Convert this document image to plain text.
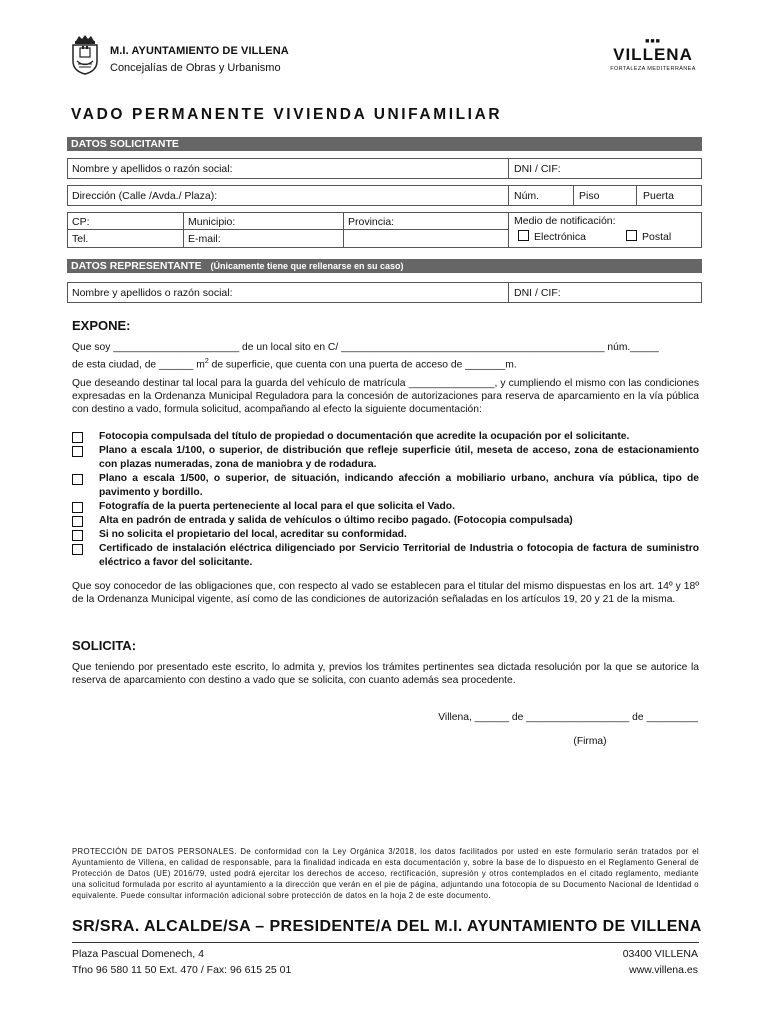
M.I. AYUNTAMIENTO DE VILLENA
Concejalías de Obras y Urbanismo
■■■
VILLENA
FORTALEZA MEDITERRÁNEA
VADO PERMANENTE VIVIENDA UNIFAMILIAR
DATOS SOLICITANTE
Nombre y apellidos o razón social:	DNI / CIF:
Dirección (Calle /Avda./ Plaza):	Núm.	Piso	Puerta
CP:	Municipio:	Provincia:
Tel.	E-mail:
Medio de notificación:
Electrónica	Postal
DATOS REPRESENTANTE (Únicamente tiene que rellenarse en su caso)
Nombre y apellidos o razón social:	DNI / CIF:
EXPONE:
Que soy ______________________ de un local sito en C/ ______________________________________________ núm._____
de esta ciudad, de ______ $m^2$ de superficie, que cuenta con una puerta de acceso de _______m.
Que deseando destinar tal local para la guarda del vehículo de matrícula _______________, y cumpliendo el mismo con las condiciones expresadas en la Ordenanza Municipal Reguladora para la concesión de autorizaciones para reserva de aparcamiento en la vía pública con destino a vado, formula solicitud, acompañando al efecto la siguiente documentación:
Fotocopia compulsada del título de propiedad o documentación que acredite la ocupación por el solicitante.
Plano a escala 1/100, o superior, de distribución que refleje superficie útil, meseta de acceso, zona de estacionamiento con plazas numeradas, zona de maniobra y de rodadura.
Plano a escala 1/500, o superior, de situación, indicando afección a mobiliario urbano, anchura vía pública, tipo de pavimento y bordillo.
Fotografía de la puerta perteneciente al local para el que solicita el Vado.
Alta en padrón de entrada y salida de vehículos o último recibo pagado. (Fotocopia compulsada)
Si no solicita el propietario del local, acreditar su conformidad.
Certificado de instalación eléctrica diligenciado por Servicio Territorial de Industria o fotocopia de factura de suministro eléctrico a favor del solicitante.
Que soy conocedor de las obligaciones que, con respecto al vado se establecen para el titular del mismo dispuestas en los art. 14º y 18º de la Ordenanza Municipal vigente, así como de las condiciones de autorización señaladas en los artículos 19, 20 y 21 de la misma.
SOLICITA:
Que teniendo por presentado este escrito, lo admita y, previos los trámites pertinentes sea dictada resolución por la que se autorice la reserva de aparcamiento con destino a vado que se solicita, con cuanto además sea procedente.
Villena, ______ de __________________ de _________
(Firma)
PROTECCIÓN DE DATOS PERSONALES. De conformidad con la Ley Orgánica 3/2018, los datos facilitados por usted en este formulario serán tratados por el Ayuntamiento de Villena, en calidad de responsable, para la finalidad indicada en esta documentación y, sobre la base de lo dispuesto en el Reglamento General de Protección de Datos (UE) 2016/79, usted podrá ejercitar los derechos de acceso, rectificación, supresión y otros contemplados en el citado reglamento, mediante una solicitud formulada por escrito al ayuntamiento a la dirección que verán en el pie de página, adjuntando una fotocopia de su Documento Nacional de Identidad o equivalente. Puede consultar información adicional sobre protección de datos en la hoja 2 de este documento.
SR/SRA. ALCALDE/SA – PRESIDENTE/A DEL M.I. AYUNTAMIENTO DE VILLENA
Plaza Pascual Domenech, 4
Tfno 96 580 11 50 Ext. 470 / Fax: 96 615 25 01
03400 VILLENA
www.villena.es
